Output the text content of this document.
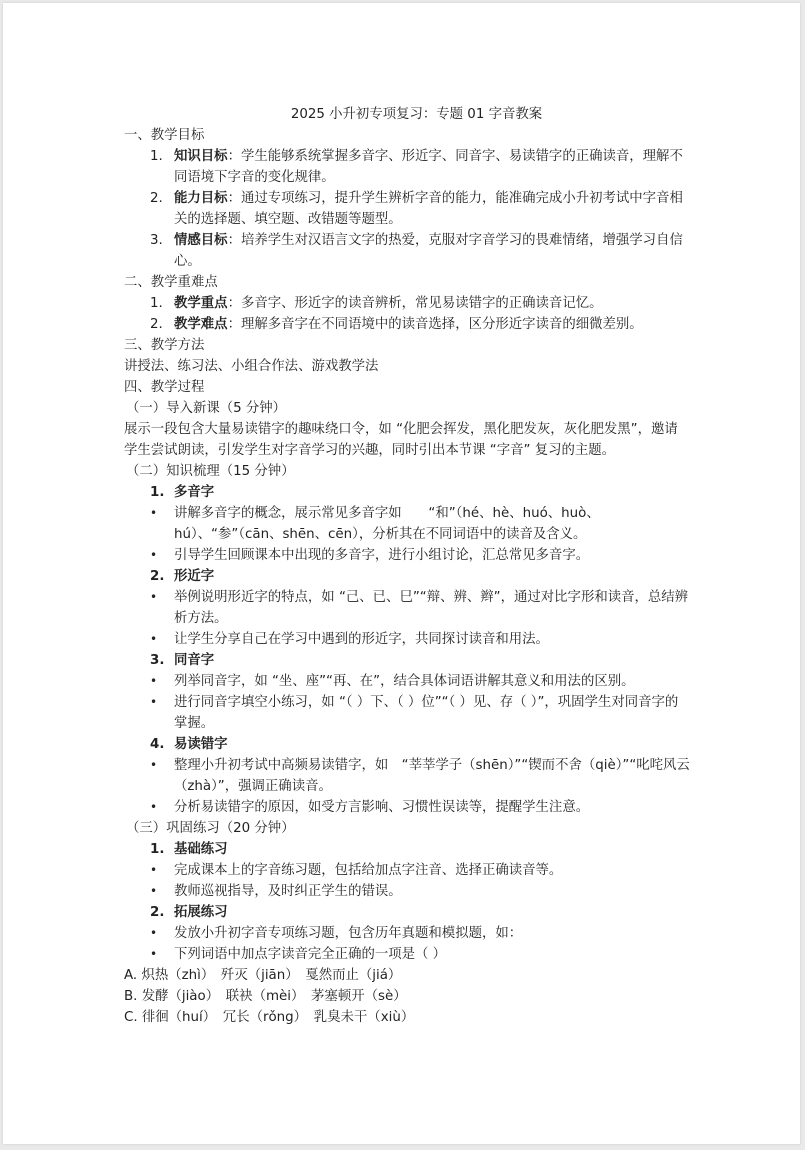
2025 小升初专项复习：专题 01 字音教案
一、教学目标
1. 知识目标：学生能够系统掌握多音字、形近字、同音字、易读错字的正确读音，理解不同语境下字音的变化规律。
2. 能力目标：通过专项练习，提升学生辨析字音的能力，能准确完成小升初考试中字音相关的选择题、填空题、改错题等题型。
3. 情感目标：培养学生对汉语言文字的热爱，克服对字音学习的畏难情绪，增强学习自信心。
二、教学重难点
1. 教学重点：多音字、形近字的读音辨析，常见易读错字的正确读音记忆。
2. 教学难点：理解多音字在不同语境中的读音选择，区分形近字读音的细微差别。
三、教学方法
讲授法、练习法、小组合作法、游戏教学法
四、教学过程
（一）导入新课（5 分钟）
展示一段包含大量易读错字的趣味绕口令，如 “化肥会挥发，黑化肥发灰，灰化肥发黑”，邀请学生尝试朗读，引发学生对字音学习的兴趣，同时引出本节课 “字音” 复习的主题。
（二）知识梳理（15 分钟）
1. 多音字
•	讲解多音字的概念，展示常见多音字如　　“和”（hé、hè、huó、huò、hú）、“参”（cān、shēn、cēn），分析其在不同词语中的读音及含义。
•	引导学生回顾课本中出现的多音字，进行小组讨论，汇总常见多音字。
2. 形近字
•	举例说明形近字的特点，如 “己、已、巳”“辩、辨、辫”，通过对比字形和读音，总结辨析方法。
•	让学生分享自己在学习中遇到的形近字，共同探讨读音和用法。
3. 同音字
•	列举同音字，如 “坐、座”“再、在”，结合具体词语讲解其意义和用法的区别。
•	进行同音字填空小练习，如 “（ ）下、（ ）位”“（ ）见、存（ ）”，巩固学生对同音字的掌握。
4. 易读错字
•	整理小升初考试中高频易读错字，如　“莘莘学子（shēn）”“锲而不舍（qiè）”“叱咤风云（zhà）”，强调正确读音。
•	分析易读错字的原因，如受方言影响、习惯性误读等，提醒学生注意。
（三）巩固练习（20 分钟）
1. 基础练习
•	完成课本上的字音练习题，包括给加点字注音、选择正确读音等。
•	教师巡视指导，及时纠正学生的错误。
2. 拓展练习
•	发放小升初字音专项练习题，包含历年真题和模拟题，如：
•	下列词语中加点字读音完全正确的一项是（ ）
A. 炽热（zhì）　歼灭（jiān）　戛然而止（jiá）
B. 发酵（jiào）　联袂（mèi）　茅塞顿开（sè）
C. 徘徊（huí）　冗长（rǒng）　乳臭未干（xiù）
